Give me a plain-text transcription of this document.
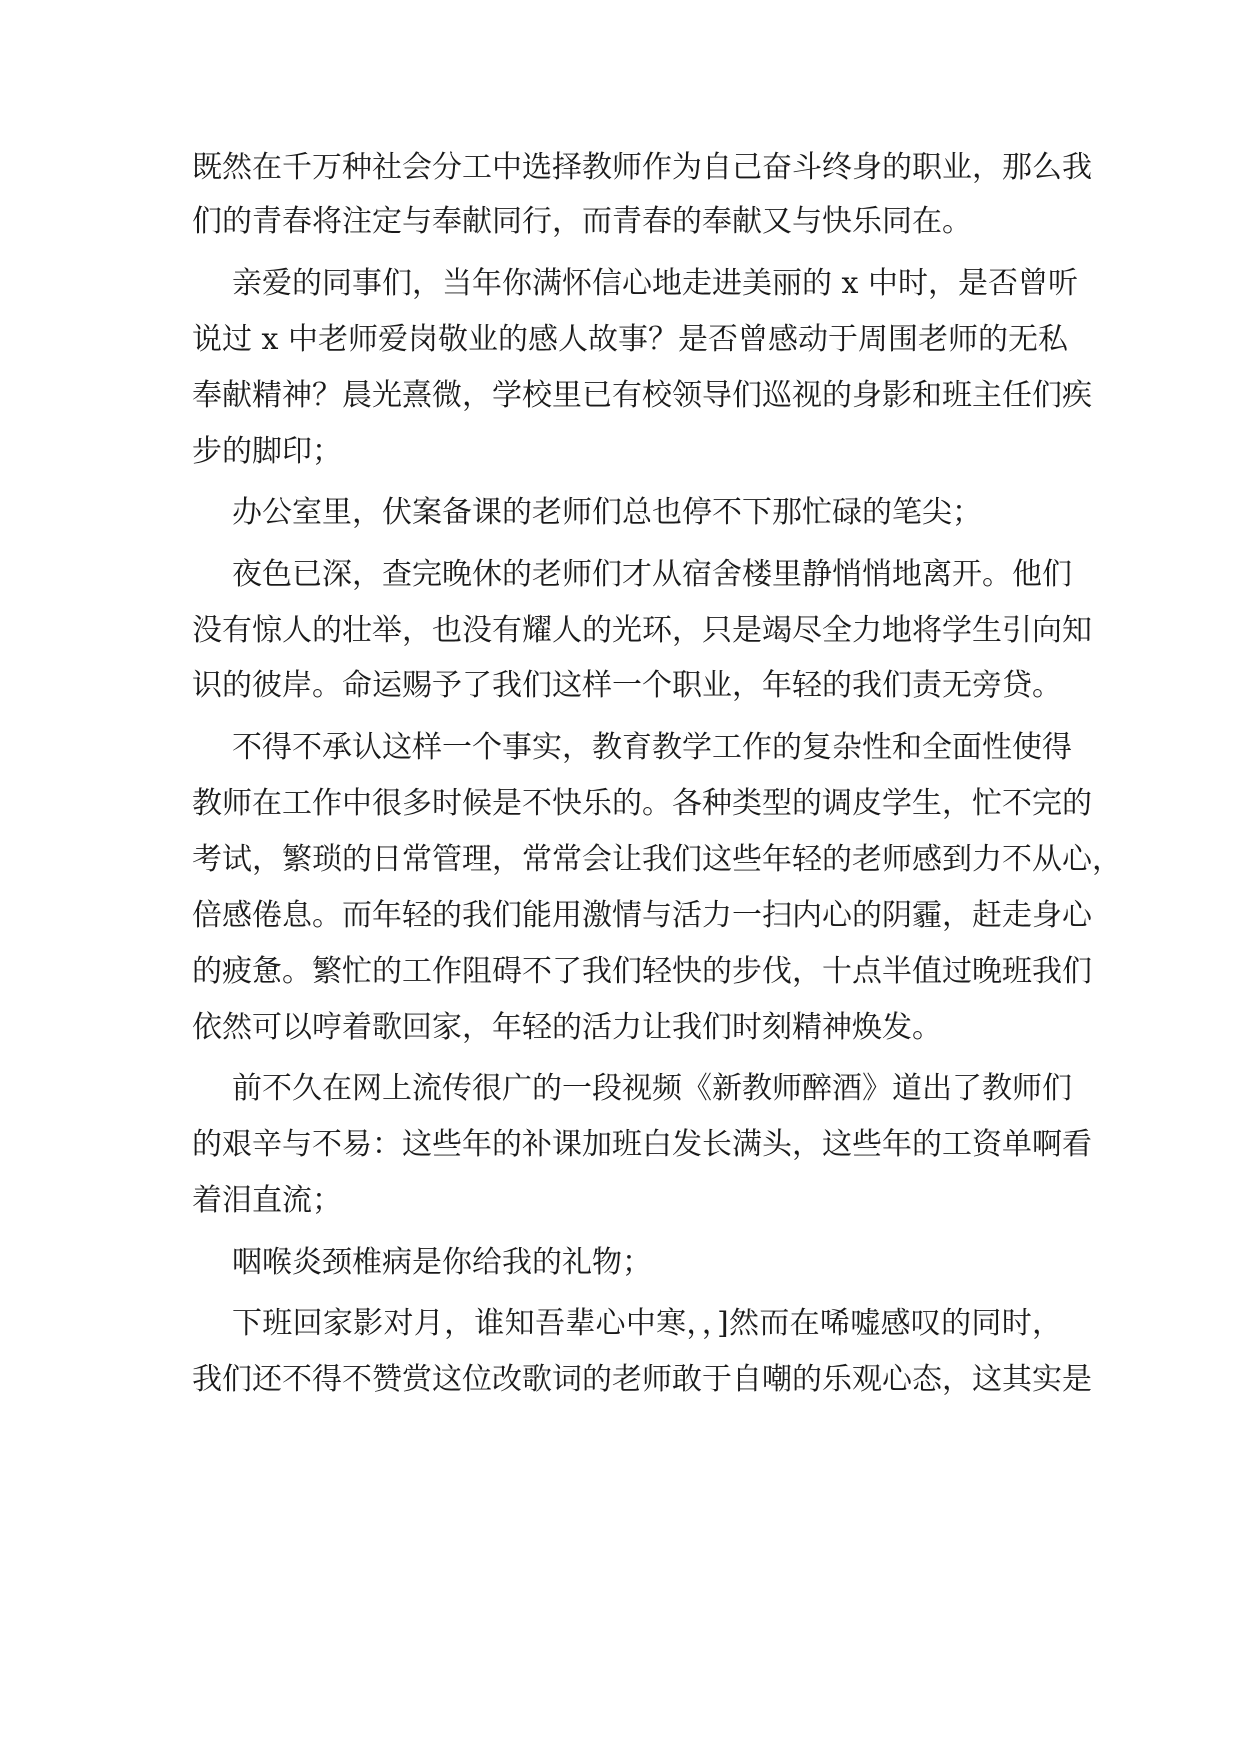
既然在千万种社会分工中选择教师作为自己奋斗终身的职业，那么我

们的青春将注定与奉献同行，而青春的奉献又与快乐同在。

亲爱的同事们，当年你满怀信心地走进美丽的 x 中时，是否曾听

说过 x 中老师爱岗敬业的感人故事？是否曾感动于周围老师的无私

奉献精神？晨光熹微，学校里已有校领导们巡视的身影和班主任们疾

步的脚印；

办公室里，伏案备课的老师们总也停不下那忙碌的笔尖；

夜色已深，查完晚休的老师们才从宿舍楼里静悄悄地离开。他们

没有惊人的壮举，也没有耀人的光环，只是竭尽全力地将学生引向知

识的彼岸。命运赐予了我们这样一个职业，年轻的我们责无旁贷。

不得不承认这样一个事实，教育教学工作的复杂性和全面性使得

教师在工作中很多时候是不快乐的。各种类型的调皮学生，忙不完的

考试，繁琐的日常管理，常常会让我们这些年轻的老师感到力不从心，

倍感倦息。而年轻的我们能用激情与活力一扫内心的阴霾，赶走身心

的疲惫。繁忙的工作阻碍不了我们轻快的步伐，十点半值过晚班我们

依然可以哼着歌回家，年轻的活力让我们时刻精神焕发。

前不久在网上流传很广的一段视频《新教师醉酒》道出了教师们

的艰辛与不易：这些年的补课加班白发长满头，这些年的工资单啊看

着泪直流；

咽喉炎颈椎病是你给我的礼物；

下班回家影对月，谁知吾辈心中寒，，]然而在唏嘘感叹的同时，

我们还不得不赞赏这位改歌词的老师敢于自嘲的乐观心态，这其实是
